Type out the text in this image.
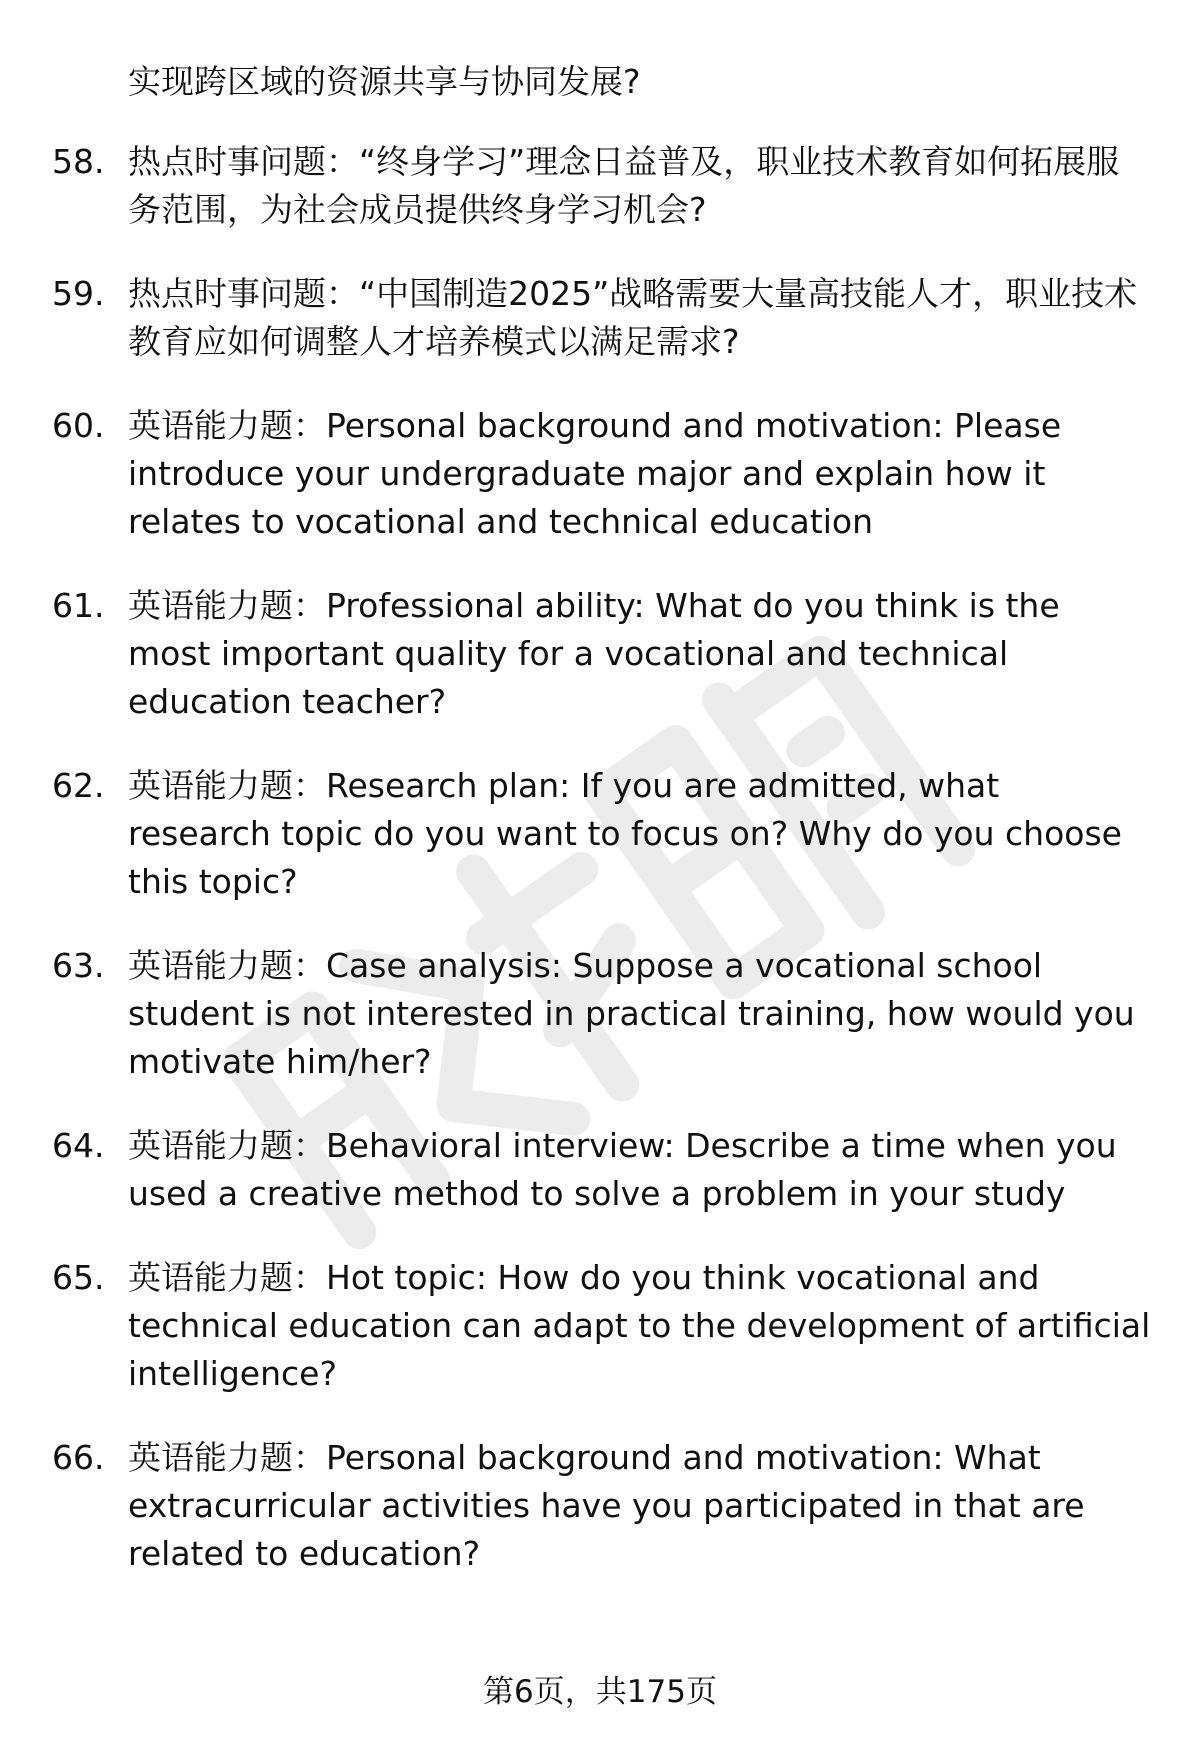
实现跨区域的资源共享与协同发展?
58. 热点时事问题：“终身学习”理念日益普及，职业技术教育如何拓展服务范围，为社会成员提供终身学习机会?
59. 热点时事问题：“中国制造2025”战略需要大量高技能人才，职业技术教育应如何调整人才培养模式以满足需求?
60. 英语能力题：Personal background and motivation: Please introduce your undergraduate major and explain how it relates to vocational and technical education
61. 英语能力题：Professional ability: What do you think is the most important quality for a vocational and technical education teacher?
62. 英语能力题：Research plan: If you are admitted, what research topic do you want to focus on? Why do you choose this topic?
63. 英语能力题：Case analysis: Suppose a vocational school student is not interested in practical training, how would you motivate him/her?
64. 英语能力题：Behavioral interview: Describe a time when you used a creative method to solve a problem in your study
65. 英语能力题：Hot topic: How do you think vocational and technical education can adapt to the development of artificial intelligence?
66. 英语能力题：Personal background and motivation: What extracurricular activities have you participated in that are related to education?
第6页，共175页
